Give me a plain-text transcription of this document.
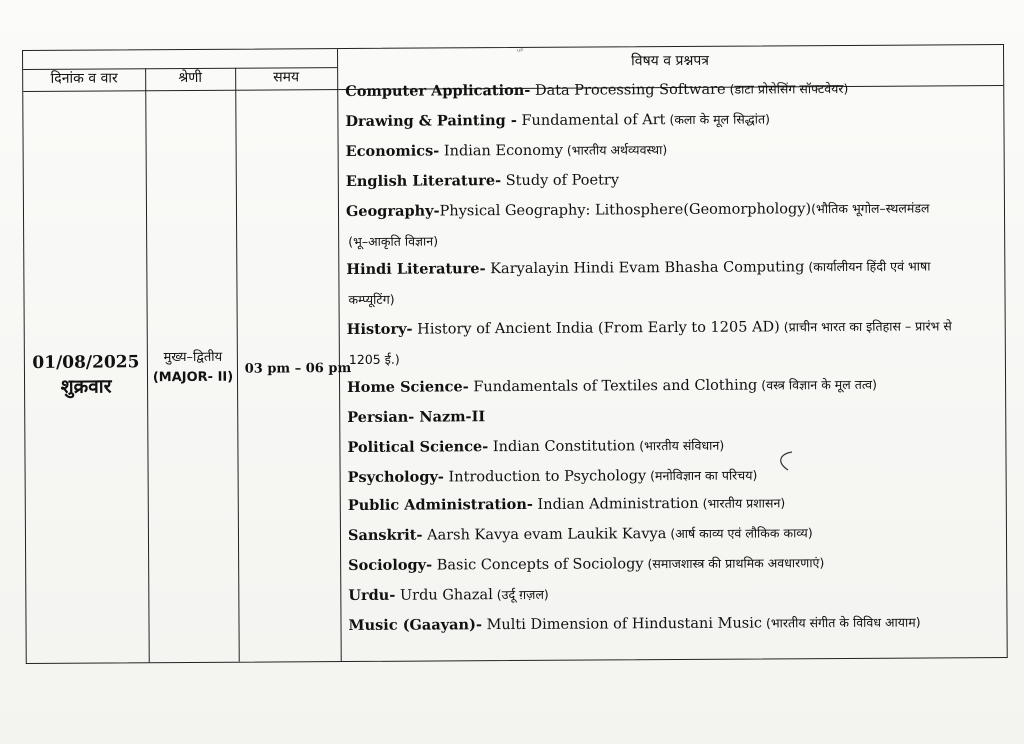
ᵘᴾ
दिनांक व वार	श्रेणी	समय
विषय व प्रश्नपत्र
01/08/2025
शुक्रवार
मुख्य–द्वितीय
(MAJOR- II)
03 pm – 06 pm
Computer Application- Data Processing Software (डाटा प्रोसेसिंग सॉफ्टवेयर)
Drawing & Painting - Fundamental of Art (कला के मूल सिद्धांत)
Economics- Indian Economy (भारतीय अर्थव्यवस्था)
English Literature- Study of Poetry
Geography-Physical Geography: Lithosphere(Geomorphology)(भौतिक भूगोल–स्थलमंडल
(भू–आकृति विज्ञान)
Hindi Literature- Karyalayin Hindi Evam Bhasha Computing (कार्यालीयन हिंदी एवं भाषा
कम्प्यूटिंग)
History- History of Ancient India (From Early to 1205 AD) (प्राचीन भारत का इतिहास – प्रारंभ से
1205 ई.)
Home Science- Fundamentals of Textiles and Clothing (वस्त्र विज्ञान के मूल तत्व)
Persian- Nazm-II
Political Science- Indian Constitution (भारतीय संविधान)
Psychology- Introduction to Psychology (मनोविज्ञान का परिचय)
Public Administration- Indian Administration (भारतीय प्रशासन)
Sanskrit- Aarsh Kavya evam Laukik Kavya (आर्ष काव्य एवं लौकिक काव्य)
Sociology- Basic Concepts of Sociology (समाजशास्त्र की प्राथमिक अवधारणाएं)
Urdu- Urdu Ghazal (उर्दू ग़ज़ल)
Music (Gaayan)- Multi Dimension of Hindustani Music (भारतीय संगीत के विविध आयाम)
